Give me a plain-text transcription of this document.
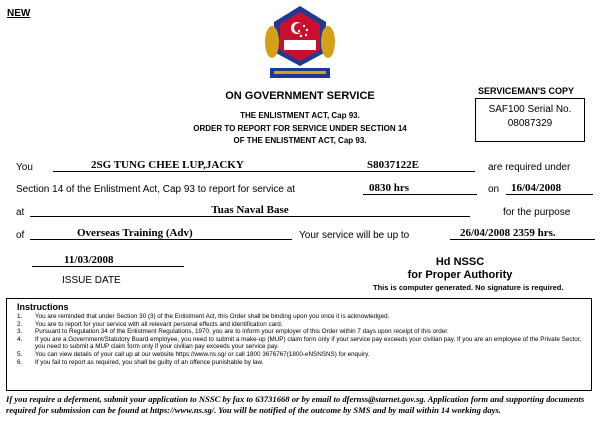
NEW
ON GOVERNMENT SERVICE
THE ENLISTMENT ACT, Cap 93.
ORDER TO REPORT FOR SERVICE UNDER SECTION 14
OF THE ENLISTMENT ACT, Cap 93.
SERVICEMAN'S COPY
SAF100 Serial No.
08087329
You	2SG TUNG CHEE LUP,JACKY	S8037122E	are required under
Section 14 of the Enlistment Act, Cap 93 to report for service at	0830 hrs	on	16/04/2008
at	Tuas Naval Base	for the purpose
of	Overseas Training (Adv)	Your service will be up to	26/04/2008 2359 hrs.
11/03/2008
ISSUE DATE
Hd NSSC
for Proper Authority
This is computer generated. No signature is required.
Instructions
1. You are reminded that under Section 30 (3) of the Enlistment Act, this Order shall be binding upon you once it is acknowledged.
2. You are to report for your service with all relevant personal effects and identification card.
3. Pursuant to Regulation 34 of the Enlistment Regulations, 1970, you are to inform your employer of this Order within 7 days upon receipt of this order.
4. If you are a Government/Statutory Board employee, you need to submit a make-up (MUP) claim form only if your service pay exceeds your civilian pay. If you are an employee of the Private Sector, you need to submit a MUP claim form only if your civilian pay exceeds your service pay.
5. You can view details of your call up at our website https://www.ns.sg/ or call 1800 3676767(1800-eNSNSNS) for enquiry.
6. If you fail to report as required, you shall be guilty of an offence punishable by law.
If you require a deferment, submit your application to NSSC by fax to 63731668 or by email to dfernss@starnet.gov.sg. Application form and supporting documents required for submission can be found at https://www.ns.sg/. You will be notified of the outcome by SMS and by mail within 14 working days.
